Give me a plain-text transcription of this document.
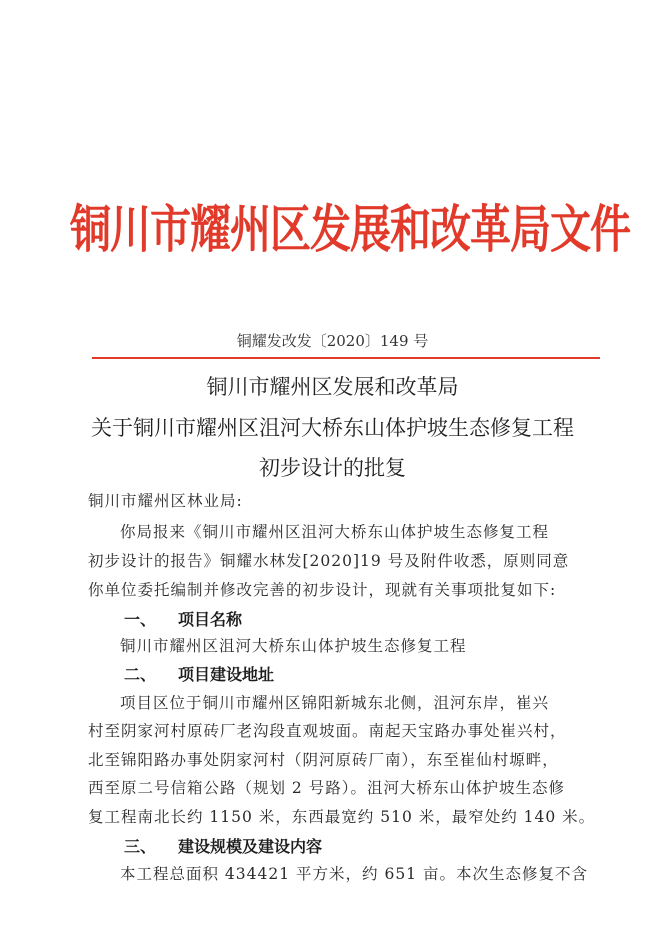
铜川市耀州区发展和改革局文件
铜耀发改发〔2020〕149 号
铜川市耀州区发展和改革局
关于铜川市耀州区沮河大桥东山体护坡生态修复工程
初步设计的批复
铜川市耀州区林业局:
你局报来《铜川市耀州区沮河大桥东山体护坡生态修复工程
初步设计的报告》铜耀水林发[2020]19 号及附件收悉，原则同意
你单位委托编制并修改完善的初步设计，现就有关事项批复如下:
一、 项目名称
铜川市耀州区沮河大桥东山体护坡生态修复工程
二、 项目建设地址
项目区位于铜川市耀州区锦阳新城东北侧，沮河东岸，崔兴
村至阴家河村原砖厂老沟段直观坡面。南起天宝路办事处崔兴村，
北至锦阳路办事处阴家河村（阴河原砖厂南），东至崔仙村塬畔，
西至原二号信箱公路（规划 2 号路）。沮河大桥东山体护坡生态修
复工程南北长约 1150 米，东西最宽约 510 米，最窄处约 140 米。
三、 建设规模及建设内容
本工程总面积 434421 平方米，约 651 亩。本次生态修复不含
